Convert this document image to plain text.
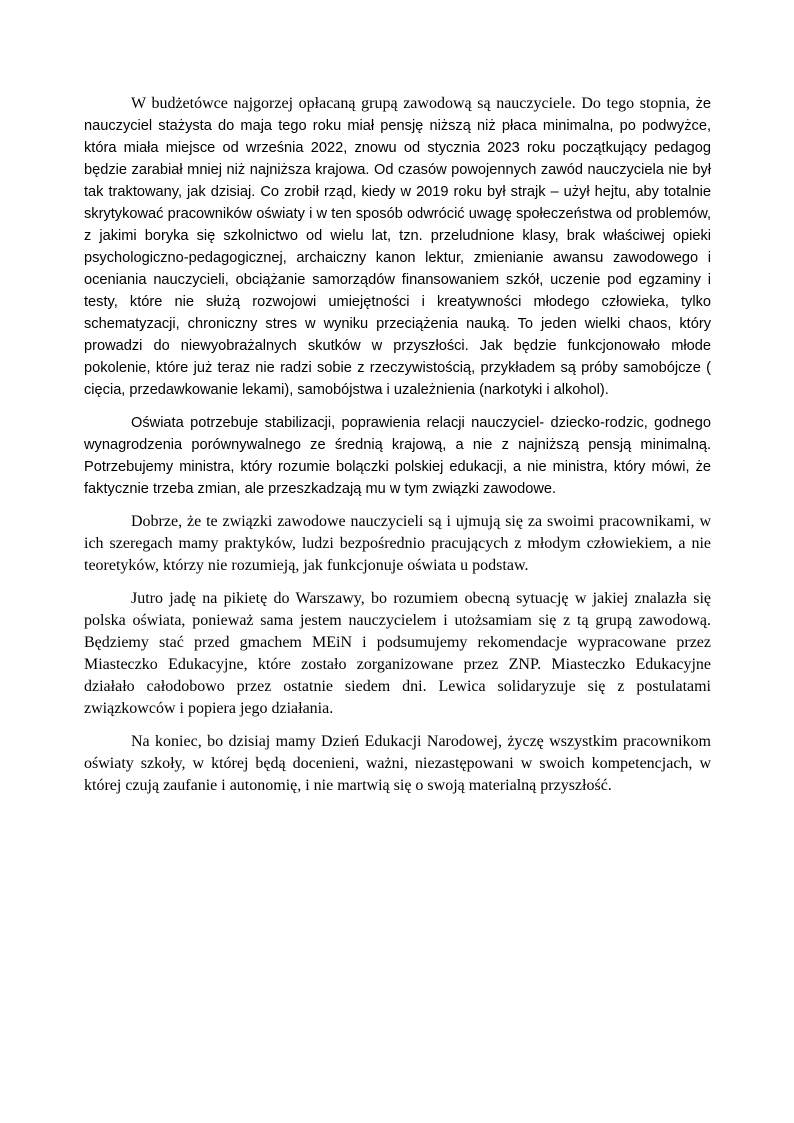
W budżetówce najgorzej opłacaną grupą zawodową są nauczyciele. Do tego stopnia, że nauczyciel stażysta do maja tego roku miał pensję niższą niż płaca minimalna, po podwyżce, która miała miejsce od września 2022, znowu od stycznia 2023 roku początkujący pedagog będzie zarabiał mniej niż najniższa krajowa. Od czasów powojennych zawód nauczyciela nie był tak traktowany, jak dzisiaj. Co zrobił rząd, kiedy w 2019 roku był strajk – użył hejtu, aby totalnie skrytykować pracowników oświaty i w ten sposób odwrócić uwagę społeczeństwa od problemów, z jakimi boryka się szkolnictwo od wielu lat, tzn. przeludnione klasy, brak właściwej opieki psychologiczno-pedagogicznej, archaiczny kanon lektur, zmienianie awansu zawodowego i oceniania nauczycieli, obciążanie samorządów finansowaniem szkół, uczenie pod egzaminy i testy, które nie służą rozwojowi umiejętności i kreatywności młodego człowieka, tylko schematyzacji, chroniczny stres w wyniku przeciążenia nauką. To jeden wielki chaos, który prowadzi do niewyobrażalnych skutków w przyszłości. Jak będzie funkcjonowało młode pokolenie, które już teraz nie radzi sobie z rzeczywistością, przykładem są próby samobójcze ( cięcia, przedawkowanie lekami), samobójstwa i uzależnienia (narkotyki i alkohol).

Oświata potrzebuje stabilizacji, poprawienia relacji nauczyciel- dziecko-rodzic, godnego wynagrodzenia porównywalnego ze średnią krajową, a nie z najniższą pensją minimalną. Potrzebujemy ministra, który rozumie bolączki polskiej edukacji, a nie ministra, który mówi, że faktycznie trzeba zmian, ale przeszkadzają mu w tym związki zawodowe.

Dobrze, że te związki zawodowe nauczycieli są i ujmują się za swoimi pracownikami, w ich szeregach mamy praktyków, ludzi bezpośrednio pracujących z młodym człowiekiem, a nie teoretyków, którzy nie rozumieją, jak funkcjonuje oświata u podstaw.

Jutro jadę na pikietę do Warszawy, bo rozumiem obecną sytuację w jakiej znalazła się polska oświata, ponieważ sama jestem nauczycielem i utożsamiam się z tą grupą zawodową. Będziemy stać przed gmachem MEiN i podsumujemy rekomendacje wypracowane przez Miasteczko Edukacyjne, które zostało zorganizowane przez ZNP. Miasteczko Edukacyjne działało całodobowo przez ostatnie siedem dni. Lewica solidaryzuje się z postulatami związkowców i popiera jego działania.

Na koniec, bo dzisiaj mamy Dzień Edukacji Narodowej, życzę wszystkim pracownikom oświaty szkoły, w której będą docenieni, ważni, niezastępowani w swoich kompetencjach, w której czują zaufanie i autonomię, i nie martwią się o swoją materialną przyszłość.
